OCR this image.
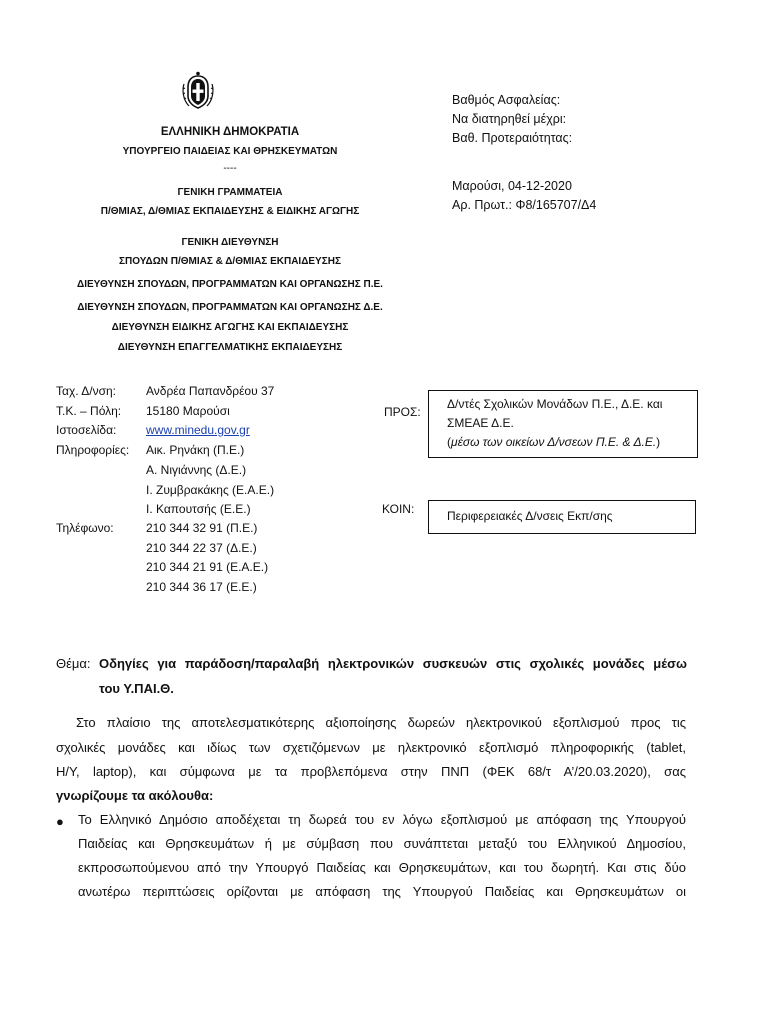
ΕΛΛΗΝΙΚΗ ΔΗΜΟΚΡΑΤΙΑ
ΥΠΟΥΡΓΕΙΟ ΠΑΙΔΕΙΑΣ ΚΑΙ ΘΡΗΣΚΕΥΜΑΤΩΝ
----
ΓΕΝΙΚΗ ΓΡΑΜΜΑΤΕΙΑ
Π/ΘΜΙΑΣ, Δ/ΘΜΙΑΣ ΕΚΠΑΙΔΕΥΣΗΣ & ΕΙΔΙΚΗΣ ΑΓΩΓΗΣ
ΓΕΝΙΚΗ ΔΙΕΥΘΥΝΣΗ
ΣΠΟΥΔΩΝ Π/ΘΜΙΑΣ & Δ/ΘΜΙΑΣ ΕΚΠΑΙΔΕΥΣΗΣ
ΔΙΕΥΘΥΝΣΗ ΣΠΟΥΔΩΝ, ΠΡΟΓΡΑΜΜΑΤΩΝ ΚΑΙ ΟΡΓΑΝΩΣΗΣ Π.Ε.
ΔΙΕΥΘΥΝΣΗ ΣΠΟΥΔΩΝ, ΠΡΟΓΡΑΜΜΑΤΩΝ ΚΑΙ ΟΡΓΑΝΩΣΗΣ Δ.Ε.
ΔΙΕΥΘΥΝΣΗ ΕΙΔΙΚΗΣ ΑΓΩΓΗΣ ΚΑΙ ΕΚΠΑΙΔΕΥΣΗΣ
ΔΙΕΥΘΥΝΣΗ ΕΠΑΓΓΕΛΜΑΤΙΚΗΣ ΕΚΠΑΙΔΕΥΣΗΣ
Βαθμός Ασφαλείας:
Να διατηρηθεί μέχρι:
Βαθ. Προτεραιότητας:
Μαρούσι, 04-12-2020
Αρ. Πρωτ.: Φ8/165707/Δ4
Ταχ. Δ/νση: Ανδρέα Παπανδρέου 37
Τ.Κ. – Πόλη: 15180 Μαρούσι
Ιστοσελίδα: www.minedu.gov.gr
Πληροφορίες: Αικ. Ρηνάκη (Π.Ε.)
Α. Νιγιάννης (Δ.Ε.)
Ι. Ζυμβρακάκης (Ε.Α.Ε.)
Ι. Καπουτσής (Ε.Ε.)
Τηλέφωνο:	210 344 32 91 (Π.Ε.)
210 344 22 37 (Δ.Ε.)
210 344 21 91 (Ε.Α.Ε.)
210 344 36 17 (Ε.Ε.)
ΠΡΟΣ:
Δ/ντές Σχολικών Μονάδων Π.Ε., Δ.Ε. και
ΣΜΕΑΕ Δ.Ε.
(μέσω των οικείων Δ/νσεων Π.Ε. & Δ.Ε.)
ΚΟΙΝ:	Περιφερειακές Δ/νσεις Εκπ/σης
Θέμα: Οδηγίες για παράδοση/παραλαβή ηλεκτρονικών συσκευών στις σχολικές μονάδες μέσω
του Υ.ΠΑΙ.Θ.
Στο πλαίσιο της αποτελεσματικότερης αξιοποίησης δωρεών ηλεκτρονικού εξοπλισμού προς τις
σχολικές μονάδες και ιδίως των σχετιζόμενων με ηλεκτρονικό εξοπλισμό πληροφορικής (tablet,
Η/Υ, laptop), και σύμφωνα με τα προβλεπόμενα στην ΠΝΠ (ΦΕΚ 68/τ Α’/20.03.2020), σας
γνωρίζουμε τα ακόλουθα:
● Το Ελληνικό Δημόσιο αποδέχεται τη δωρεά του εν λόγω εξοπλισμού με απόφαση της Υπουργού
Παιδείας και Θρησκευμάτων ή με σύμβαση που συνάπτεται μεταξύ του Ελληνικού Δημοσίου,
εκπροσωπούμενου από την Υπουργό Παιδείας και Θρησκευμάτων, και του δωρητή. Και στις δύο
ανωτέρω περιπτώσεις ορίζονται με απόφαση της Υπουργού Παιδείας και Θρησκευμάτων οι
